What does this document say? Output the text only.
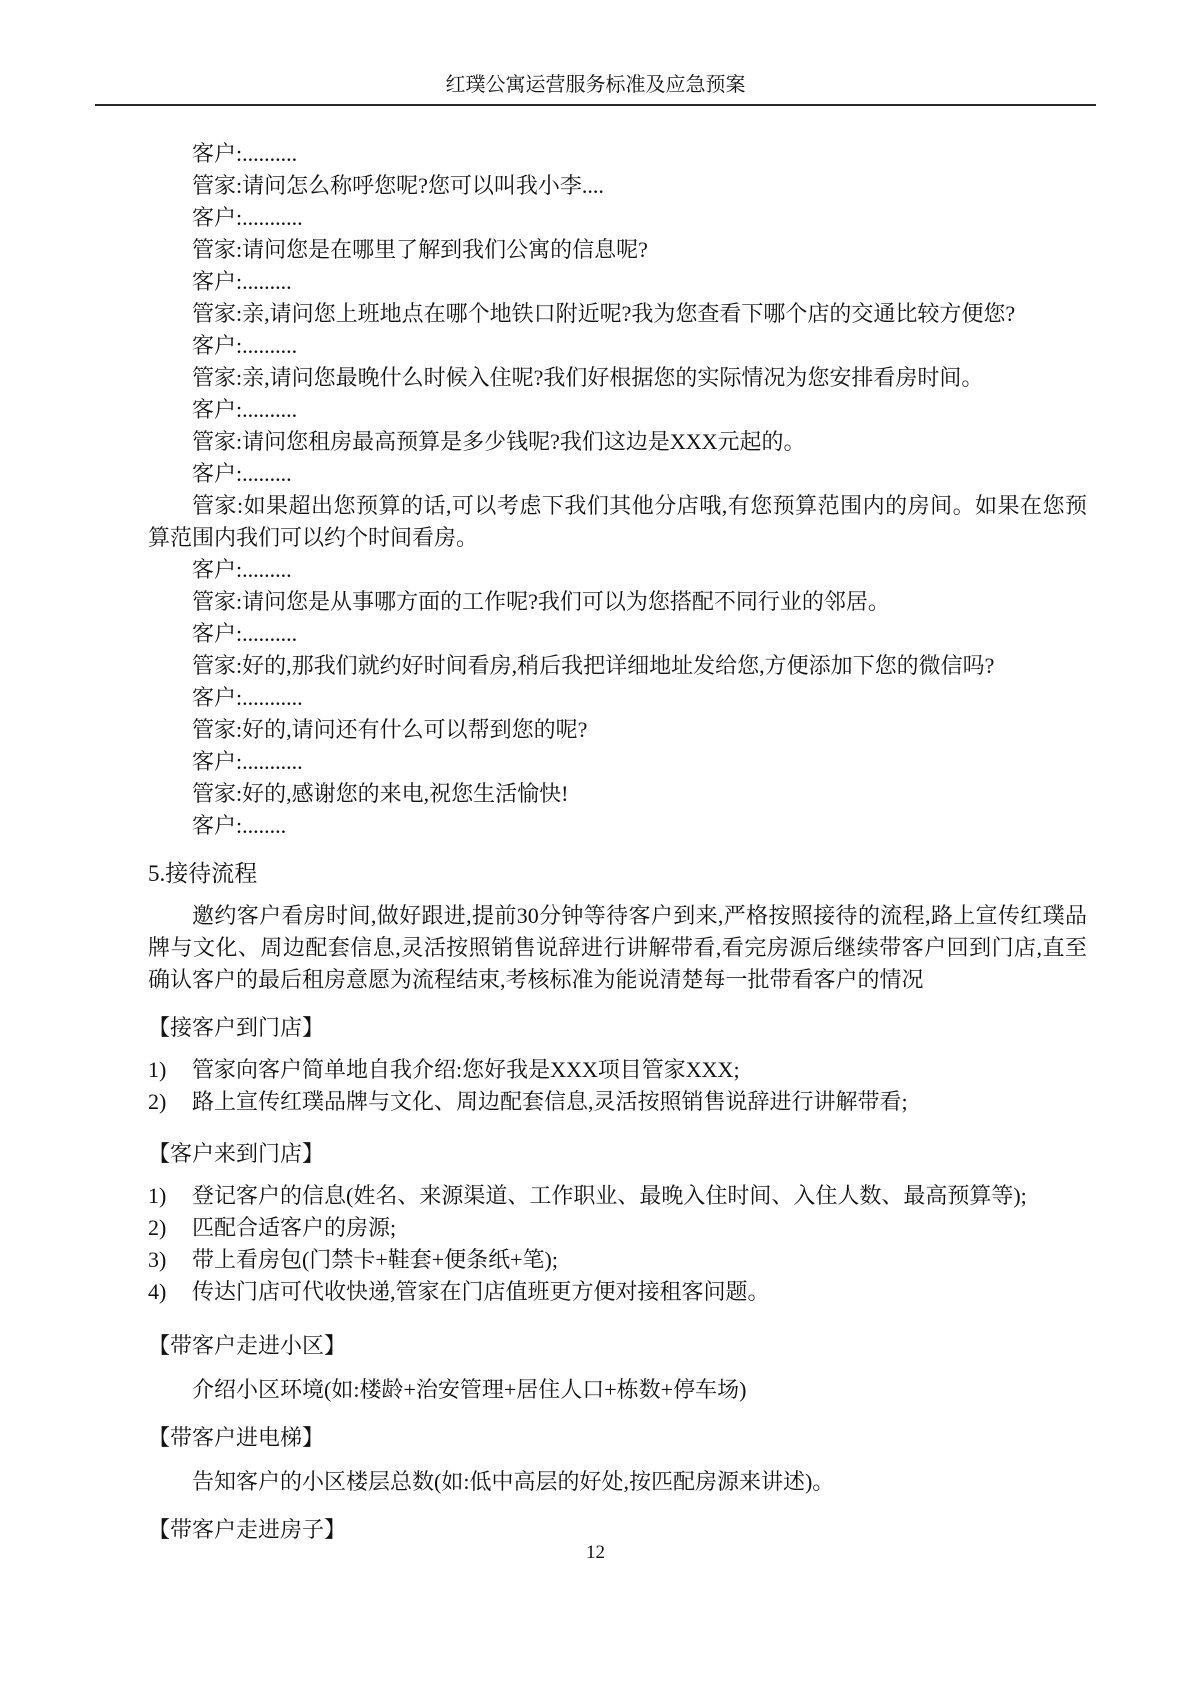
红璞公寓运营服务标准及应急预案

客户:..........

管家:请问怎么称呼您呢?您可以叫我小李....

客户:...........

管家:请问您是在哪里了解到我们公寓的信息呢?

客户:.........

管家:亲,请问您上班地点在哪个地铁口附近呢?我为您查看下哪个店的交通比较方便您?

客户:..........

管家:亲,请问您最晚什么时候入住呢?我们好根据您的实际情况为您安排看房时间。

客户:..........

管家:请问您租房最高预算是多少钱呢?我们这边是XXX元起的。

客户:.........

管家:如果超出您预算的话,可以考虑下我们其他分店哦,有您预算范围内的房间。如果在您预算范围内我们可以约个时间看房。

客户:.........

管家:请问您是从事哪方面的工作呢?我们可以为您搭配不同行业的邻居。

客户:..........

管家:好的,那我们就约好时间看房,稍后我把详细地址发给您,方便添加下您的微信吗?

客户:...........

管家:好的,请问还有什么可以帮到您的呢?

客户:...........

管家:好的,感谢您的来电,祝您生活愉快!

客户:........

5.接待流程

邀约客户看房时间,做好跟进,提前30分钟等待客户到来,严格按照接待的流程,路上宣传红璞品牌与文化、周边配套信息,灵活按照销售说辞进行讲解带看,看完房源后继续带客户回到门店,直至确认客户的最后租房意愿为流程结束,考核标准为能说清楚每一批带看客户的情况

【接客户到门店】
1)	管家向客户简单地自我介绍:您好我是XXX项目管家XXX;
2)	路上宣传红璞品牌与文化、周边配套信息,灵活按照销售说辞进行讲解带看;
【客户来到门店】
1)	登记客户的信息(姓名、来源渠道、工作职业、最晚入住时间、入住人数、最高预算等);
2)	匹配合适客户的房源;
3)	带上看房包(门禁卡+鞋套+便条纸+笔);
4)	传达门店可代收快递,管家在门店值班更方便对接租客问题。
【带客户走进小区】

介绍小区环境(如:楼龄+治安管理+居住人口+栋数+停车场)

【带客户进电梯】

告知客户的小区楼层总数(如:低中高层的好处,按匹配房源来讲述)。

【带客户走进房子】
12
